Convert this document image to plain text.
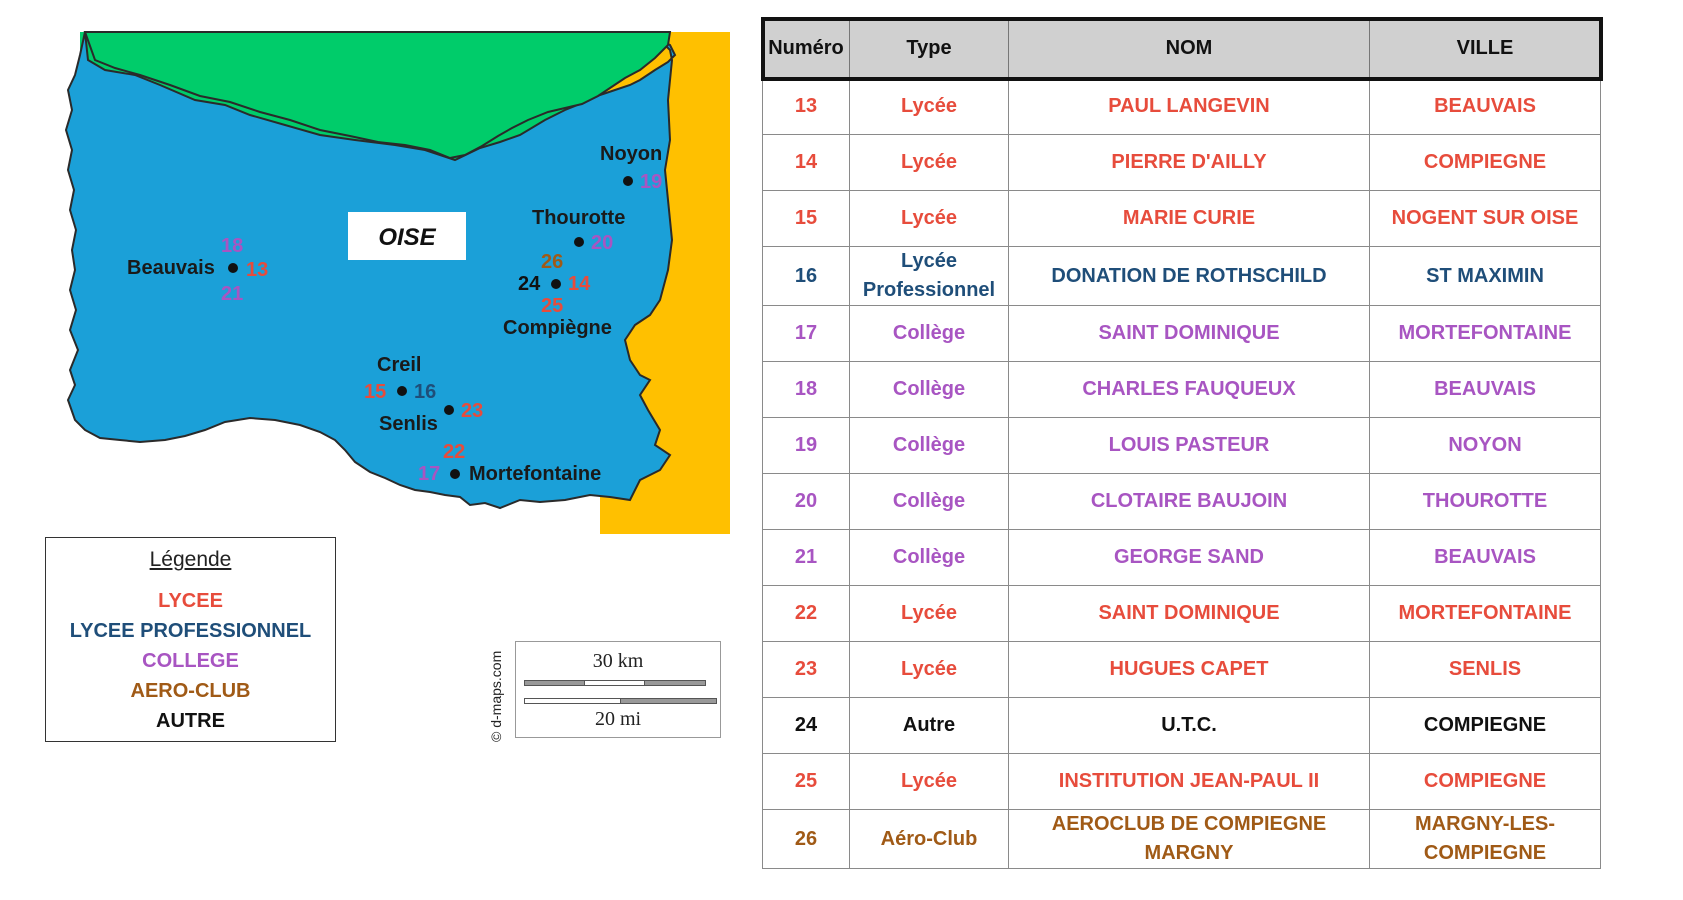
OISE
Beauvais
Noyon
Thourotte
Compiègne
Creil
Senlis
Mortefontaine
18
13
21
19
20
26
24 14
25
15 16
23
22
17
Légende
LYCEE
LYCEE PROFESSIONNEL
COLLEGE
AERO-CLUB
AUTRE	© d-maps.com	30 km
20 mi
Numéro	Type	NOM	VILLE
13	Lycée	PAUL LANGEVIN	BEAUVAIS
14	Lycée	PIERRE D'AILLY	COMPIEGNE
15	Lycée	MARIE CURIE	NOGENT SUR OISE
16	Lycée Professionnel	DONATION DE ROTHSCHILD	ST MAXIMIN
17	Collège	SAINT DOMINIQUE	MORTEFONTAINE
18	Collège	CHARLES FAUQUEUX	BEAUVAIS
19	Collège	LOUIS PASTEUR	NOYON
20	Collège	CLOTAIRE BAUJOIN	THOUROTTE
21	Collège	GEORGE SAND	BEAUVAIS
22	Lycée	SAINT DOMINIQUE	MORTEFONTAINE
23	Lycée	HUGUES CAPET	SENLIS
24	Autre	U.T.C.	COMPIEGNE
25	Lycée	INSTITUTION JEAN-PAUL II	COMPIEGNE
26	Aéro-Club	AEROCLUB DE COMPIEGNE MARGNY	MARGNY-LES-COMPIEGNE
